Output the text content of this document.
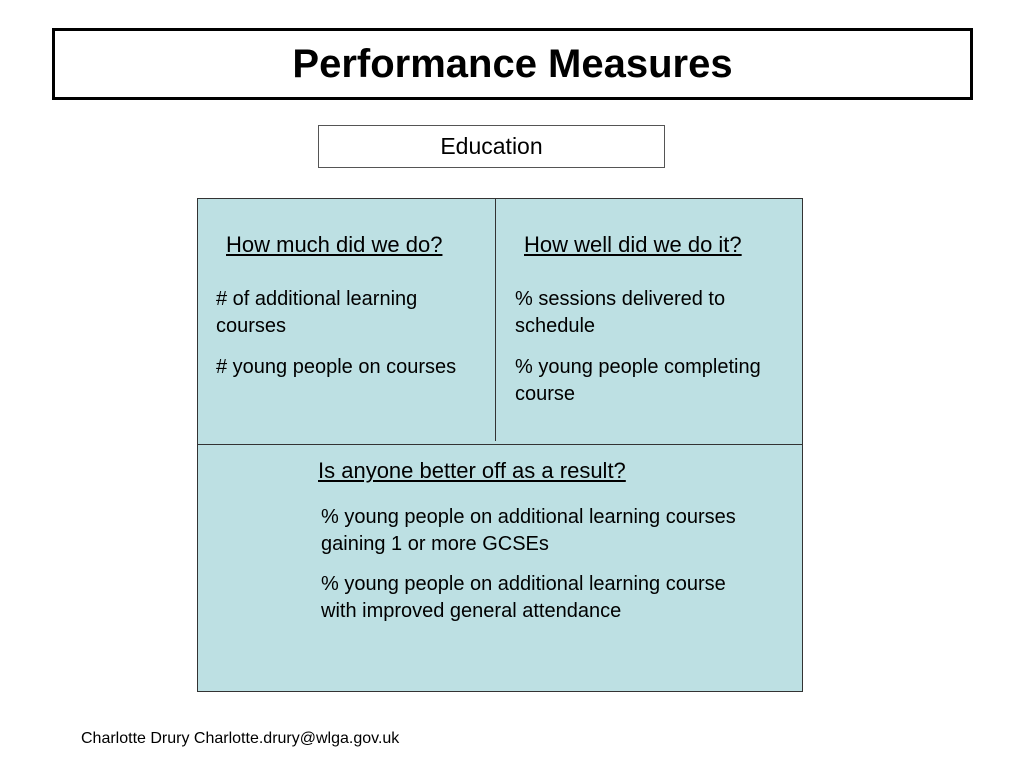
Performance Measures
Education
How much did we do?

# of additional learning courses

# young people on courses

How well did we do it?

% sessions delivered to schedule

% young people completing course

Is anyone better off as a result?

% young people on additional learning courses gaining 1 or more GCSEs

% young people on additional learning course with improved general attendance

Charlotte Drury Charlotte.drury@wlga.gov.uk
